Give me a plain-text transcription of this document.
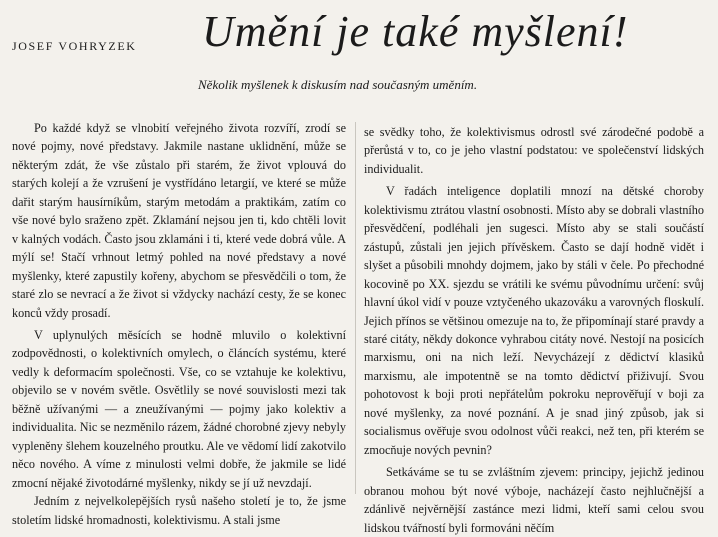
JOSEF VOHRYZEK Umění je také myšlení!
Několik myšlenek k diskusím nad současným uměním.

Po každé když se vlnobití veřejného života rozvíří, zrodí se nové pojmy, nové představy. Jakmile nastane uklidnění, může se některým zdát, že vše zůstalo při starém, že život vplouvá do starých kolejí a že vzrušení je vystřídáno letargií, ve které se může dařit starým hausírníkům, starým metodám a praktikám, zatím co vše nové bylo sraženo zpět. Zklamání nejsou jen ti, kdo chtěli lovit v kalných vodách. Často jsou zklamáni i ti, které vede dobrá vůle. A mýlí se! Stačí vrhnout letmý pohled na nové představy a nové myšlenky, které zapustily kořeny, abychom se přesvědčili o tom, že staré zlo se nevrací a že život si vždycky nachází cesty, že se konec konců vždy prosadí.

V uplynulých měsících se hodně mluvilo o kolektivní zodpovědnosti, o kolektivních omylech, o článcích systému, které vedly k deformacím společnosti. Vše, co se vztahuje ke kolektivu, objevilo se v novém světle. Osvětlily se nové souvislosti mezi tak běžně užívanými — a zneužívanými — pojmy jako kolektiv a individualita. Nic se nezměnilo rázem, žádné chorobné zjevy nebyly vypleněny šlehem kouzelného proutku. Ale ve vědomí lidí zakotvilo něco nového. A víme z minulosti velmi dobře, že jakmile se lidé zmocní nějaké životodárné myšlenky, nikdy se jí už nevzdají.

Jedním z nejvelkolepějších rysů našeho století je to, že jsme stoletím lidské hromadnosti, kolektivismu. A stali jsme

se svědky toho, že kolektivismus odrostl své zárodečné podobě a přerůstá v to, co je jeho vlastní podstatou: ve společenství lidských individualit.

V řadách inteligence doplatili mnozí na dětské choroby kolektivismu ztrátou vlastní osobnosti. Místo aby se dobrali vlastního přesvědčení, podléhali jen sugesci. Místo aby se stali součástí zástupů, zůstali jen jejich přívěskem. Často se dají hodně vidět i slyšet a působili mnohdy dojmem, jako by stáli v čele. Po přechodné kocovině po XX. sjezdu se vrátili ke svému původnímu určení: svůj hlavní úkol vidí v pouze vztyčeného ukazováku a varovných floskulí. Jejich přínos se většinou omezuje na to, že připomínají staré pravdy a staré citáty, někdy dokonce vyhrabou citáty nové. Nestojí na posicích marxismu, oni na nich leží. Nevycházejí z dědictví klasiků marxismu, ale impotentně se na tomto dědictví přiživují. Svou pohotovost k boji proti nepřátelům pokroku neprověřují v boji za nové myšlenky, za nové poznání. A je snad jiný způsob, jak si socialismus ověřuje svou odolnost vůči reakci, než ten, při kterém se zmocňuje nových pevnin?

Setkáváme se tu se zvláštním zjevem: principy, jejichž jedinou obranou mohou být nové výboje, nacházejí často nejhlučnější a zdánlivě nejvěrnější zastánce mezi lidmi, kteří sami celou svou lidskou tvářností byli formováni něčím
